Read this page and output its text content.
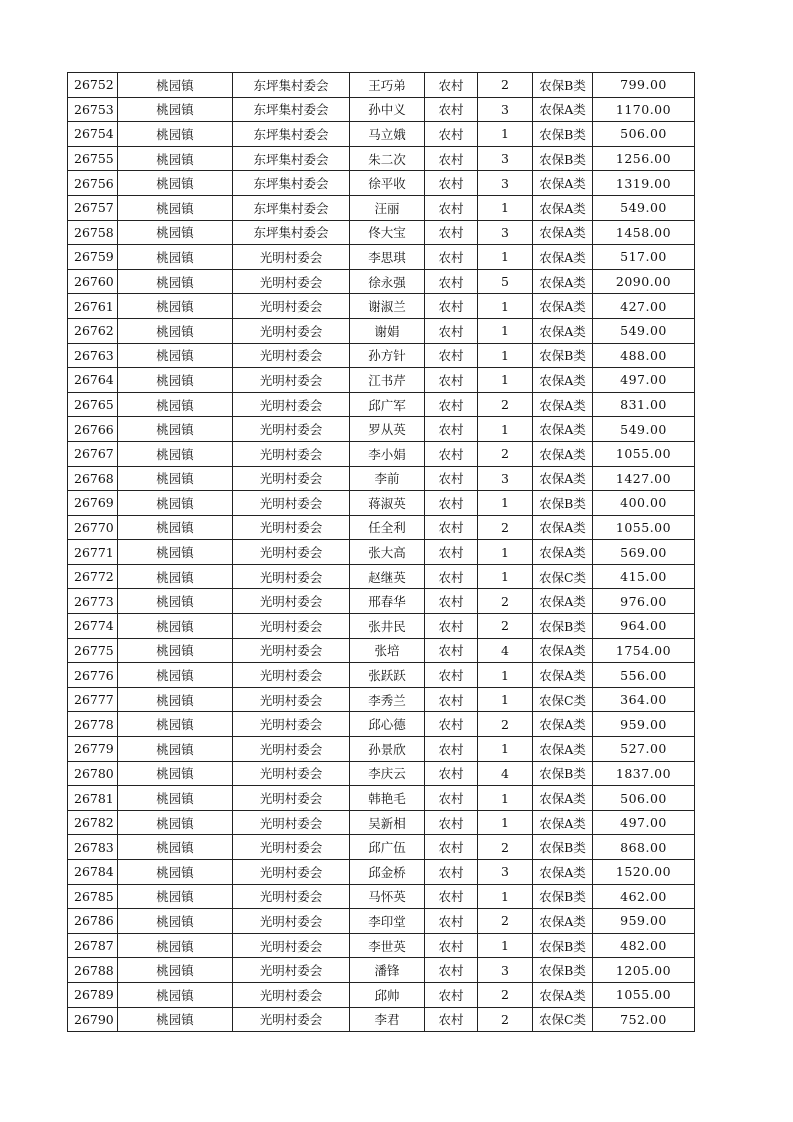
26752	桃园镇	东坪集村委会	王巧弟	农村	2	农保B类	799.00
26753	桃园镇	东坪集村委会	孙中义	农村	3	农保A类	1170.00
26754	桃园镇	东坪集村委会	马立娥	农村	1	农保B类	506.00
26755	桃园镇	东坪集村委会	朱二次	农村	3	农保B类	1256.00
26756	桃园镇	东坪集村委会	徐平收	农村	3	农保A类	1319.00
26757	桃园镇	东坪集村委会	汪丽	农村	1	农保A类	549.00
26758	桃园镇	东坪集村委会	佟大宝	农村	3	农保A类	1458.00
26759	桃园镇	光明村委会	李思琪	农村	1	农保A类	517.00
26760	桃园镇	光明村委会	徐永强	农村	5	农保A类	2090.00
26761	桃园镇	光明村委会	谢淑兰	农村	1	农保A类	427.00
26762	桃园镇	光明村委会	谢娟	农村	1	农保A类	549.00
26763	桃园镇	光明村委会	孙方针	农村	1	农保B类	488.00
26764	桃园镇	光明村委会	江书芹	农村	1	农保A类	497.00
26765	桃园镇	光明村委会	邱广军	农村	2	农保A类	831.00
26766	桃园镇	光明村委会	罗从英	农村	1	农保A类	549.00
26767	桃园镇	光明村委会	李小娟	农村	2	农保A类	1055.00
26768	桃园镇	光明村委会	李前	农村	3	农保A类	1427.00
26769	桃园镇	光明村委会	蒋淑英	农村	1	农保B类	400.00
26770	桃园镇	光明村委会	任全利	农村	2	农保A类	1055.00
26771	桃园镇	光明村委会	张大高	农村	1	农保A类	569.00
26772	桃园镇	光明村委会	赵继英	农村	1	农保C类	415.00
26773	桃园镇	光明村委会	邢春华	农村	2	农保A类	976.00
26774	桃园镇	光明村委会	张井民	农村	2	农保B类	964.00
26775	桃园镇	光明村委会	张培	农村	4	农保A类	1754.00
26776	桃园镇	光明村委会	张跃跃	农村	1	农保A类	556.00
26777	桃园镇	光明村委会	李秀兰	农村	1	农保C类	364.00
26778	桃园镇	光明村委会	邱心德	农村	2	农保A类	959.00
26779	桃园镇	光明村委会	孙景欣	农村	1	农保A类	527.00
26780	桃园镇	光明村委会	李庆云	农村	4	农保B类	1837.00
26781	桃园镇	光明村委会	韩艳毛	农村	1	农保A类	506.00
26782	桃园镇	光明村委会	吴新相	农村	1	农保A类	497.00
26783	桃园镇	光明村委会	邱广伍	农村	2	农保B类	868.00
26784	桃园镇	光明村委会	邱金桥	农村	3	农保A类	1520.00
26785	桃园镇	光明村委会	马怀英	农村	1	农保B类	462.00
26786	桃园镇	光明村委会	李印堂	农村	2	农保A类	959.00
26787	桃园镇	光明村委会	李世英	农村	1	农保B类	482.00
26788	桃园镇	光明村委会	潘锋	农村	3	农保B类	1205.00
26789	桃园镇	光明村委会	邱帅	农村	2	农保A类	1055.00
26790	桃园镇	光明村委会	李君	农村	2	农保C类	752.00
